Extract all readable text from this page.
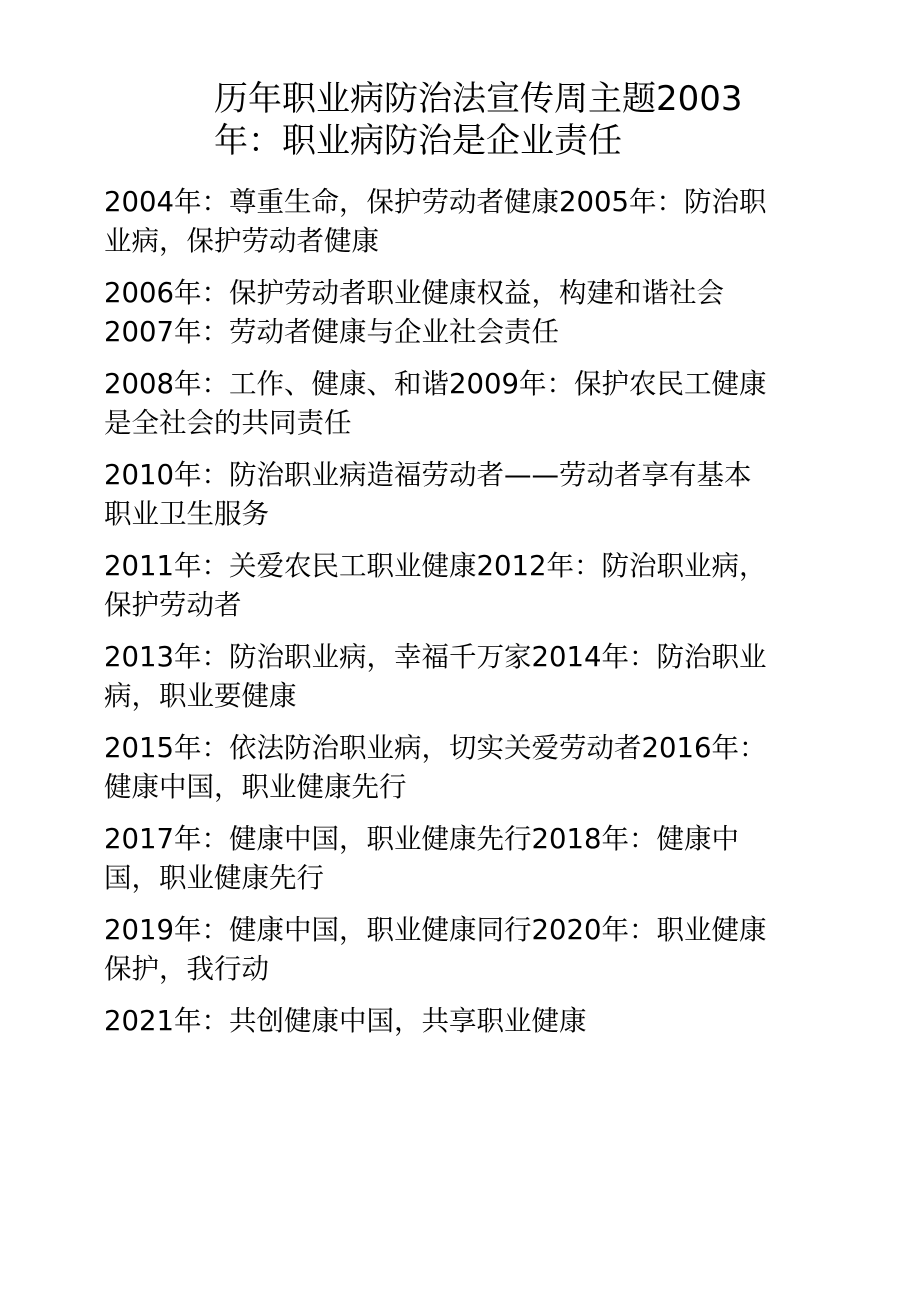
历年职业病防治法宣传周主题2003
年：职业病防治是企业责任

2004年：尊重生命，保护劳动者健康2005年：防治职
业病，保护劳动者健康

2006年：保护劳动者职业健康权益，构建和谐社会
2007年：劳动者健康与企业社会责任

2008年：工作、健康、和谐2009年：保护农民工健康
是全社会的共同责任

2010年：防治职业病造福劳动者——劳动者享有基本
职业卫生服务

2011年：关爱农民工职业健康2012年：防治职业病，
保护劳动者

2013年：防治职业病，幸福千万家2014年：防治职业
病，职业要健康

2015年：依法防治职业病，切实关爱劳动者2016年：
健康中国，职业健康先行

2017年：健康中国，职业健康先行2018年：健康中
国，职业健康先行

2019年：健康中国，职业健康同行2020年：职业健康
保护，我行动

2021年：共创健康中国，共享职业健康
